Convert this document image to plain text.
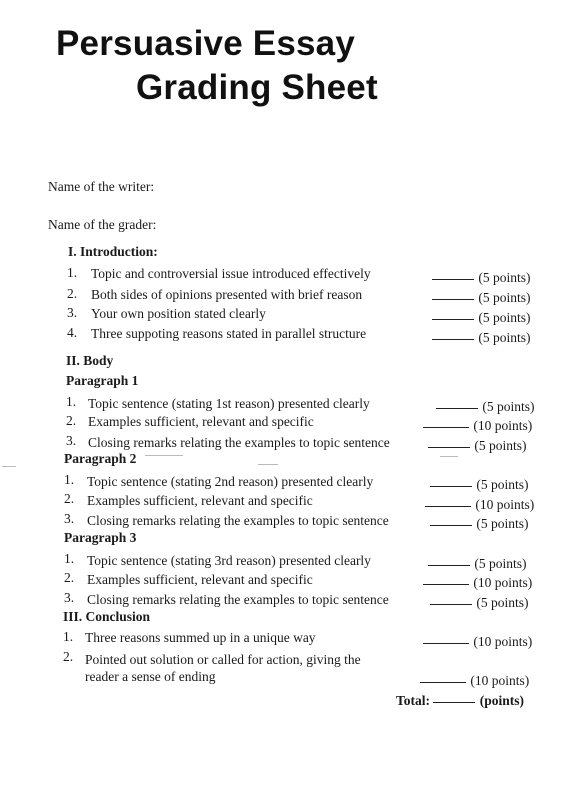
Persuasive Essay
Grading Sheet
Name of the writer:
Name of the grader:
I. Introduction:
1. Topic and controversial issue introduced effectively	(5 points)
2. Both sides of opinions presented with brief reason	(5 points)
3. Your own position stated clearly	(5 points)
4. Three suppoting reasons stated in parallel structure	(5 points)
II. Body
Paragraph 1
1. Topic sentence (stating 1st reason) presented clearly	(5 points)
2. Examples sufficient, relevant and specific	(10 points)
3. Closing remarks relating the examples to topic sentence	(5 points)
Paragraph 2
1. Topic sentence (stating 2nd reason) presented clearly	(5 points)
2. Examples sufficient, relevant and specific	(10 points)
3. Closing remarks relating the examples to topic sentence	(5 points)
Paragraph 3
1. Topic sentence (stating 3rd reason) presented clearly	(5 points)
2. Examples sufficient, relevant and specific	(10 points)
3. Closing remarks relating the examples to topic sentence	(5 points)
III. Conclusion
1. Three reasons summed up in a unique way	(10 points)
2. Pointed out solution or called for action, giving the
reader a sense of ending	(10 points)
Total:	(points)
